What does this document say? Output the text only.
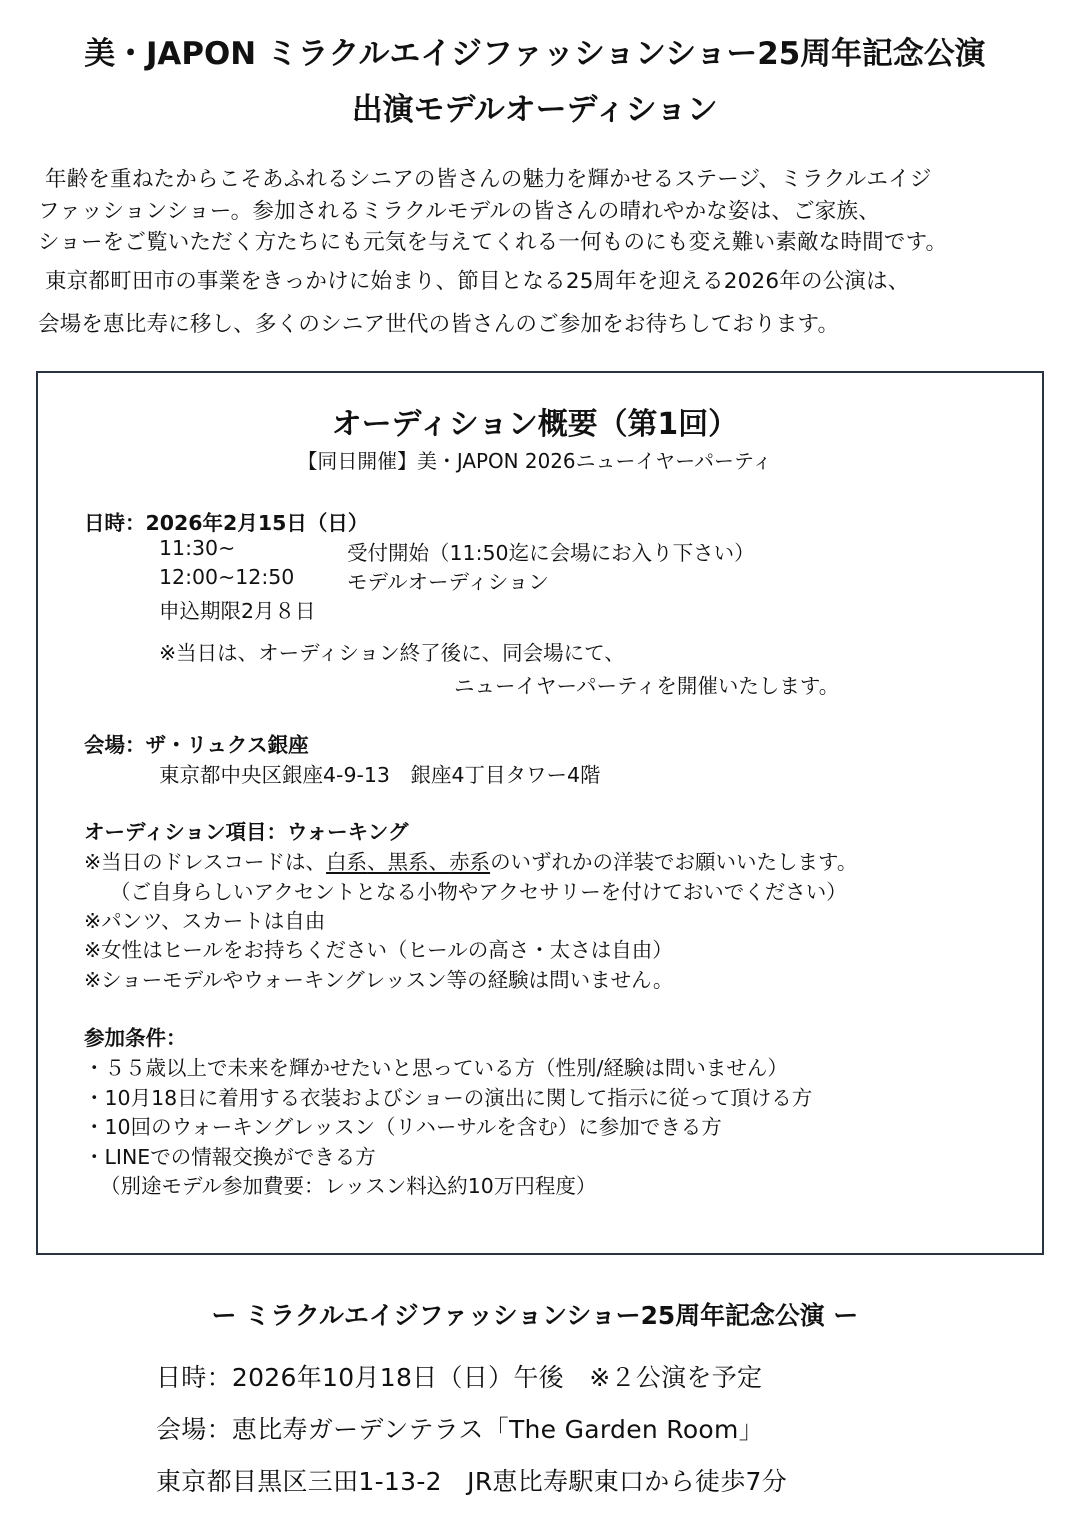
美・JAPON ミラクルエイジファッションショー25周年記念公演
出演モデルオーディション
年齢を重ねたからこそあふれるシニアの皆さんの魅力を輝かせるステージ、ミラクルエイジ
ファッションショー。参加されるミラクルモデルの皆さんの晴れやかな姿は、ご家族、
ショーをご覧いただく方たちにも元気を与えてくれる一何ものにも変え難い素敵な時間です。
東京都町田市の事業をきっかけに始まり、節目となる25周年を迎える2026年の公演は、
会場を恵比寿に移し、多くのシニア世代の皆さんのご参加をお待ちしております。
オーディション概要（第1回）
【同日開催】美・JAPON 2026ニューイヤーパーティ
日時：2026年2月15日（日）
11:30~	受付開始（11:50迄に会場にお入り下さい）
12:00~12:50	モデルオーディション
申込期限2月８日
※当日は、オーディション終了後に、同会場にて、
ニューイヤーパーティを開催いたします。
会場：ザ・リュクス銀座
東京都中央区銀座4-9-13　銀座4丁目タワー4階
オーディション項目：ウォーキング
※当日のドレスコードは、白系、黒系、赤系のいずれかの洋装でお願いいたします。
（ご自身らしいアクセントとなる小物やアクセサリーを付けておいでください）
※パンツ、スカートは自由
※女性はヒールをお持ちください（ヒールの高さ・太さは自由）
※ショーモデルやウォーキングレッスン等の経験は問いません。
参加条件：
・５５歳以上で未来を輝かせたいと思っている方（性別/経験は問いません）
・10月18日に着用する衣装およびショーの演出に関して指示に従って頂ける方
・10回のウォーキングレッスン（リハーサルを含む）に参加できる方
・LINEでの情報交換ができる方
（別途モデル参加費要：レッスン料込約10万円程度）
ー ミラクルエイジファッションショー25周年記念公演 ー
日時：2026年10月18日（日）午後　※２公演を予定
会場：恵比寿ガーデンテラス「The Garden Room」
東京都目黒区三田1-13-2　JR恵比寿駅東口から徒歩7分
